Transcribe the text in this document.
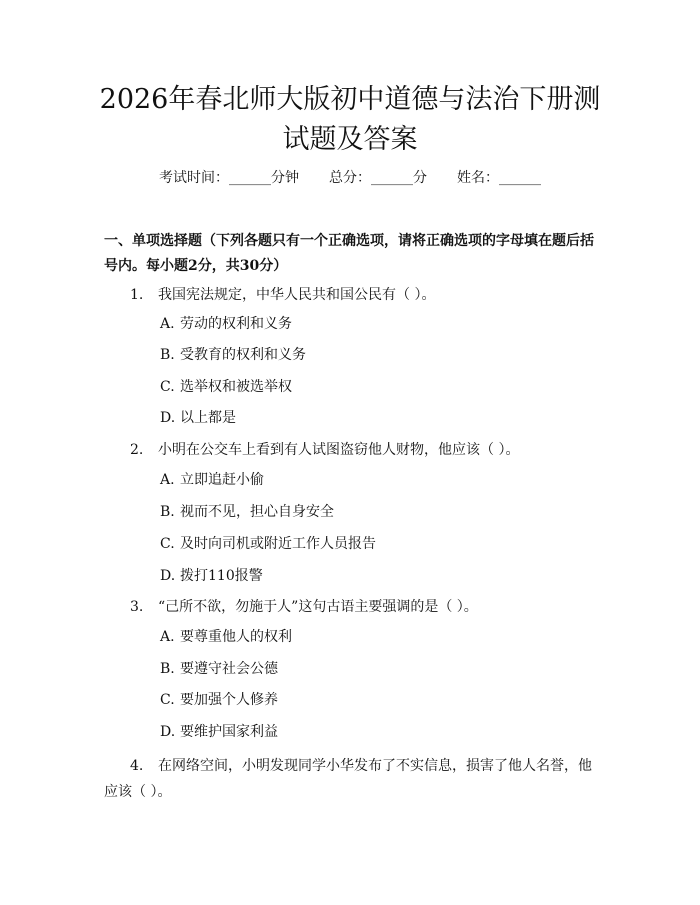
2026年春北师大版初中道德与法治下册测试题及答案
考试时间：______分钟 总分：______分 姓名：______

一、单项选择题（下列各题只有一个正确选项，请将正确选项的字母填在题后括号内。每小题2分，共30分）

1. 我国宪法规定，中华人民共和国公民有（ ）。
A. 劳动的权利和义务
B. 受教育的权利和义务
C. 选举权和被选举权
D. 以上都是
2. 小明在公交车上看到有人试图盗窃他人财物，他应该（ ）。
A. 立即追赶小偷
B. 视而不见，担心自身安全
C. 及时向司机或附近工作人员报告
D. 拨打110报警
3. “己所不欲，勿施于人”这句古语主要强调的是（ ）。
A. 要尊重他人的权利
B. 要遵守社会公德
C. 要加强个人修养
D. 要维护国家利益
4. 在网络空间，小明发现同学小华发布了不实信息，损害了他人名誉，他应该（ ）。
